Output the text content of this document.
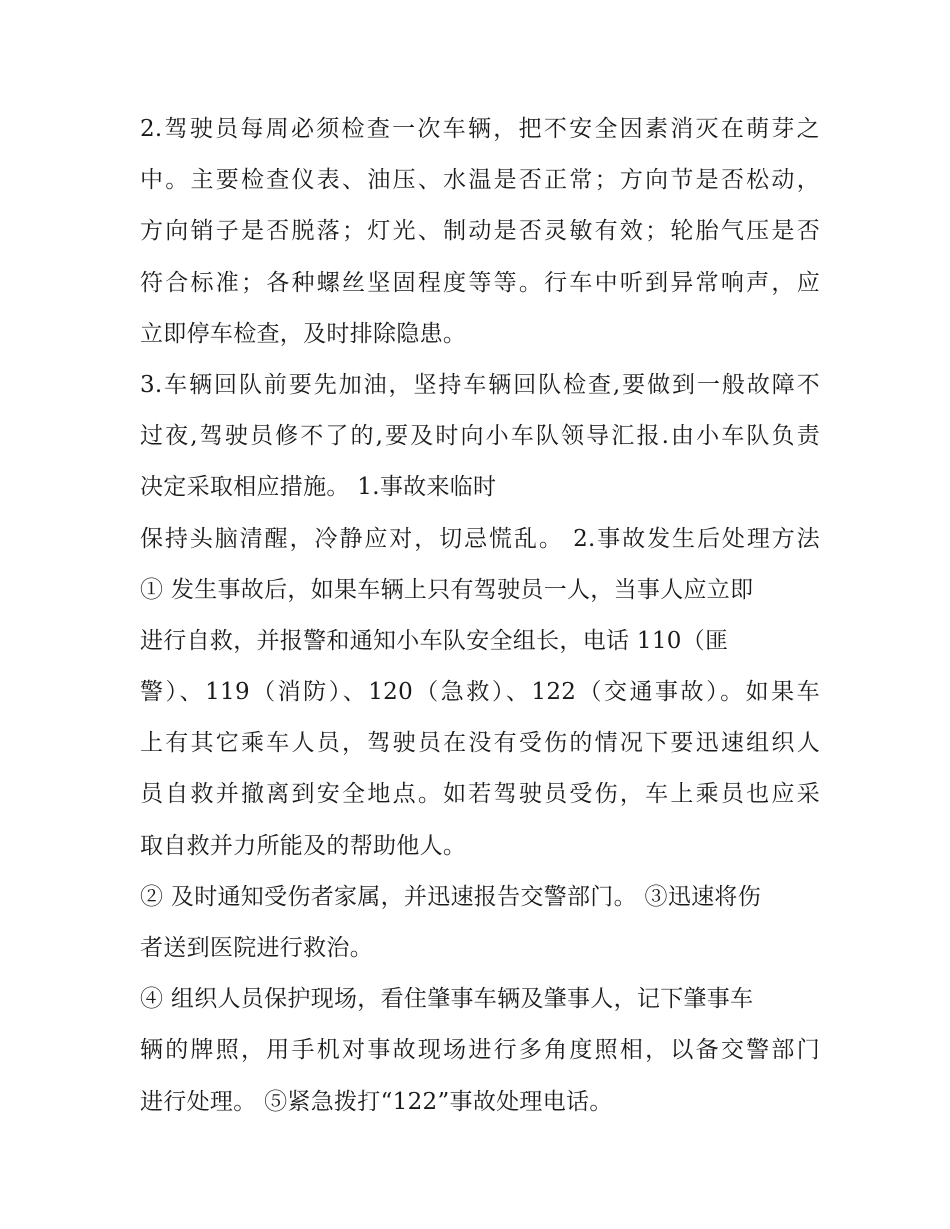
2.驾驶员每周必须检查一次车辆，把不安全因素消灭在萌芽之
中。主要检查仪表、油压、水温是否正常；方向节是否松动，
方向销子是否脱落；灯光、制动是否灵敏有效；轮胎气压是否
符合标准；各种螺丝坚固程度等等。行车中听到异常响声，应
立即停车检查，及时排除隐患。

3.车辆回队前要先加油，坚持车辆回队检查,要做到一般故障不
过夜,驾驶员修不了的,要及时向小车队领导汇报.由小车队负责
决定采取相应措施。 1.事故来临时

保持头脑清醒，冷静应对，切忌慌乱。 2.事故发生后处理方法
① 发生事故后，如果车辆上只有驾驶员一人，当事人应立即
进行自救，并报警和通知小车队安全组长，电话 110（匪
警）、119（消防）、120（急救）、122（交通事故）。如果车
上有其它乘车人员，驾驶员在没有受伤的情况下要迅速组织人
员自救并撤离到安全地点。如若驾驶员受伤，车上乘员也应采
取自救并力所能及的帮助他人。

② 及时通知受伤者家属，并迅速报告交警部门。 ③迅速将伤
者送到医院进行救治。

④ 组织人员保护现场，看住肇事车辆及肇事人，记下肇事车
辆的牌照，用手机对事故现场进行多角度照相，以备交警部门
进行处理。 ⑤紧急拨打“122”事故处理电话。
